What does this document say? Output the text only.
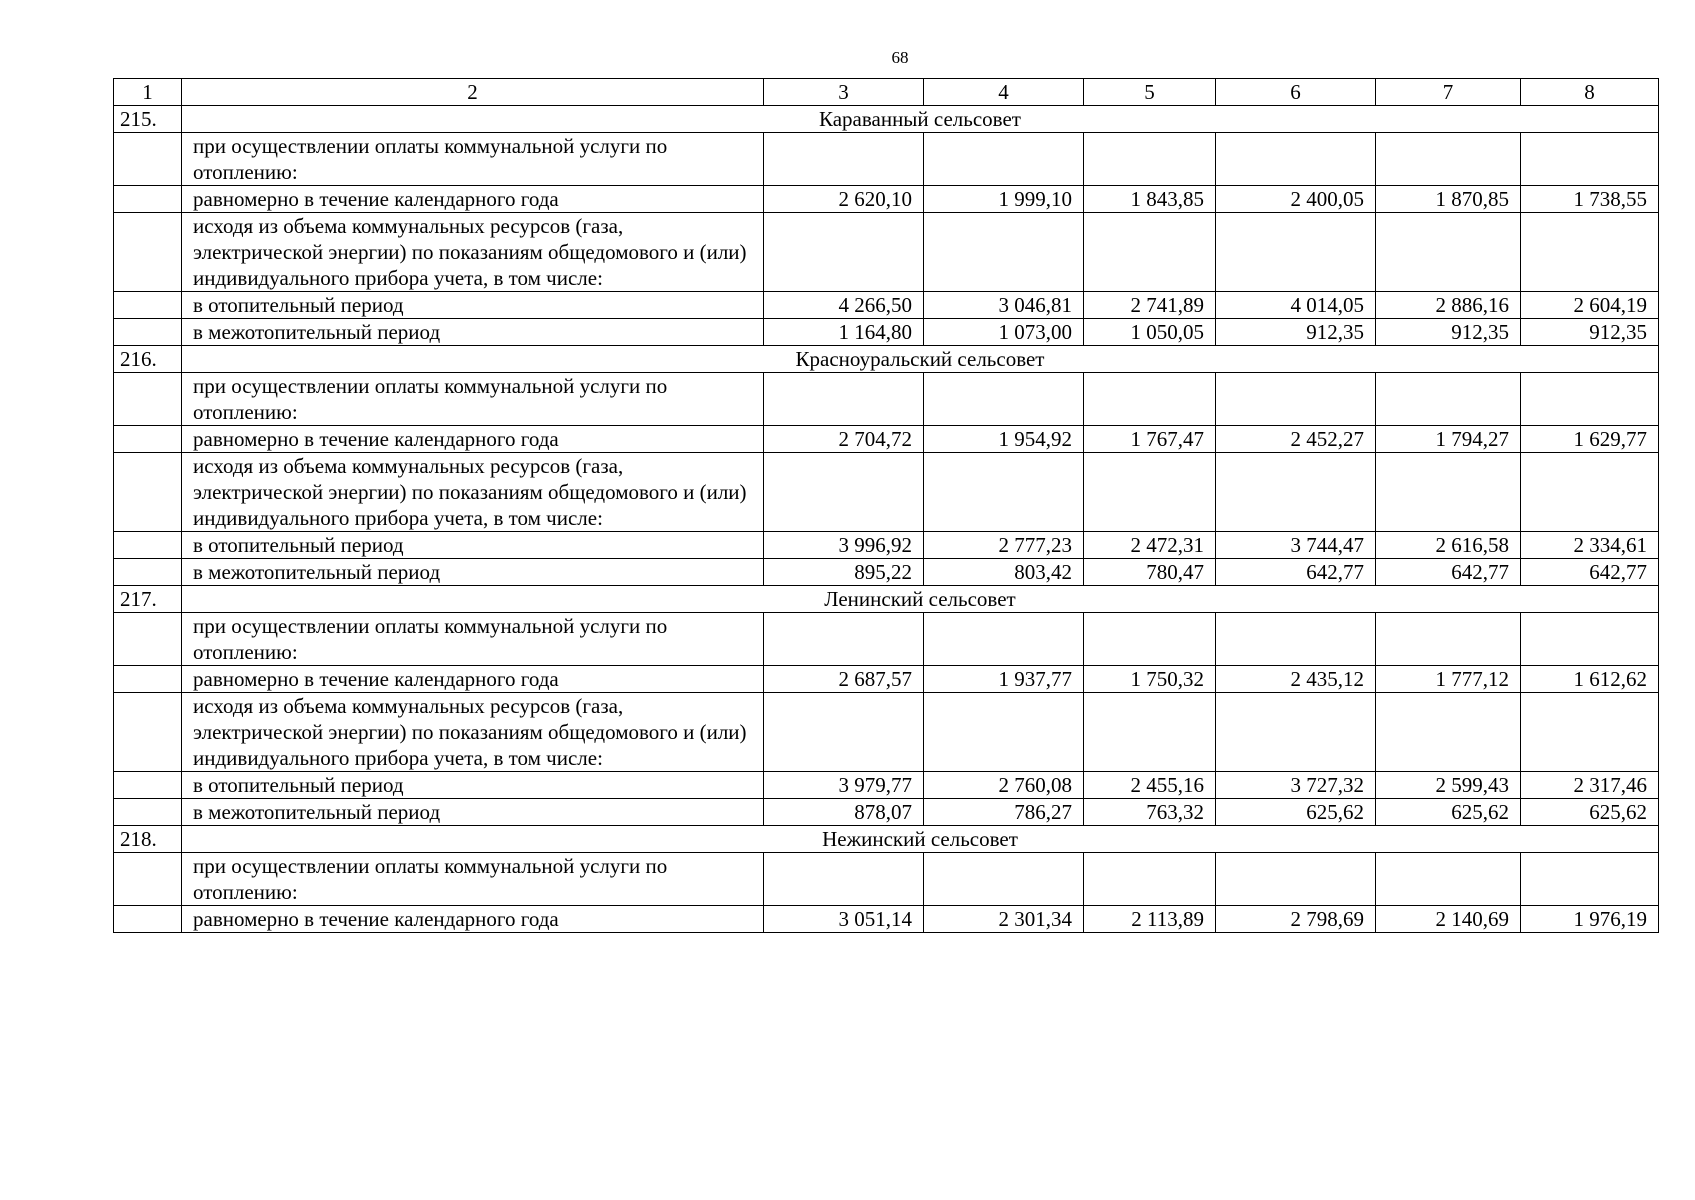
68
1	2	3	4	5	6	7	8
215.	Караванный сельсовет						
	при осуществлении оплаты коммунальной услуги по отоплению:						
	равномерно в течение календарного года	2 620,10	1 999,10	1 843,85	2 400,05	1 870,85	1 738,55
	исходя из объема коммунальных ресурсов (газа, электрической энергии) по показаниям общедомового и (или) индивидуального прибора учета, в том числе:						
	в отопительный период	4 266,50	3 046,81	2 741,89	4 014,05	2 886,16	2 604,19
	в межотопительный период	1 164,80	1 073,00	1 050,05	912,35	912,35	912,35
216.	Красноуральский сельсовет						
	при осуществлении оплаты коммунальной услуги по отоплению:						
	равномерно в течение календарного года	2 704,72	1 954,92	1 767,47	2 452,27	1 794,27	1 629,77
	исходя из объема коммунальных ресурсов (газа, электрической энергии) по показаниям общедомового и (или) индивидуального прибора учета, в том числе:						
	в отопительный период	3 996,92	2 777,23	2 472,31	3 744,47	2 616,58	2 334,61
	в межотопительный период	895,22	803,42	780,47	642,77	642,77	642,77
217.	Ленинский сельсовет						
	при осуществлении оплаты коммунальной услуги по отоплению:						
	равномерно в течение календарного года	2 687,57	1 937,77	1 750,32	2 435,12	1 777,12	1 612,62
	исходя из объема коммунальных ресурсов (газа, электрической энергии) по показаниям общедомового и (или) индивидуального прибора учета, в том числе:						
	в отопительный период	3 979,77	2 760,08	2 455,16	3 727,32	2 599,43	2 317,46
	в межотопительный период	878,07	786,27	763,32	625,62	625,62	625,62
218.	Нежинский сельсовет						
	при осуществлении оплаты коммунальной услуги по отоплению:						
	равномерно в течение календарного года	3 051,14	2 301,34	2 113,89	2 798,69	2 140,69	1 976,19
